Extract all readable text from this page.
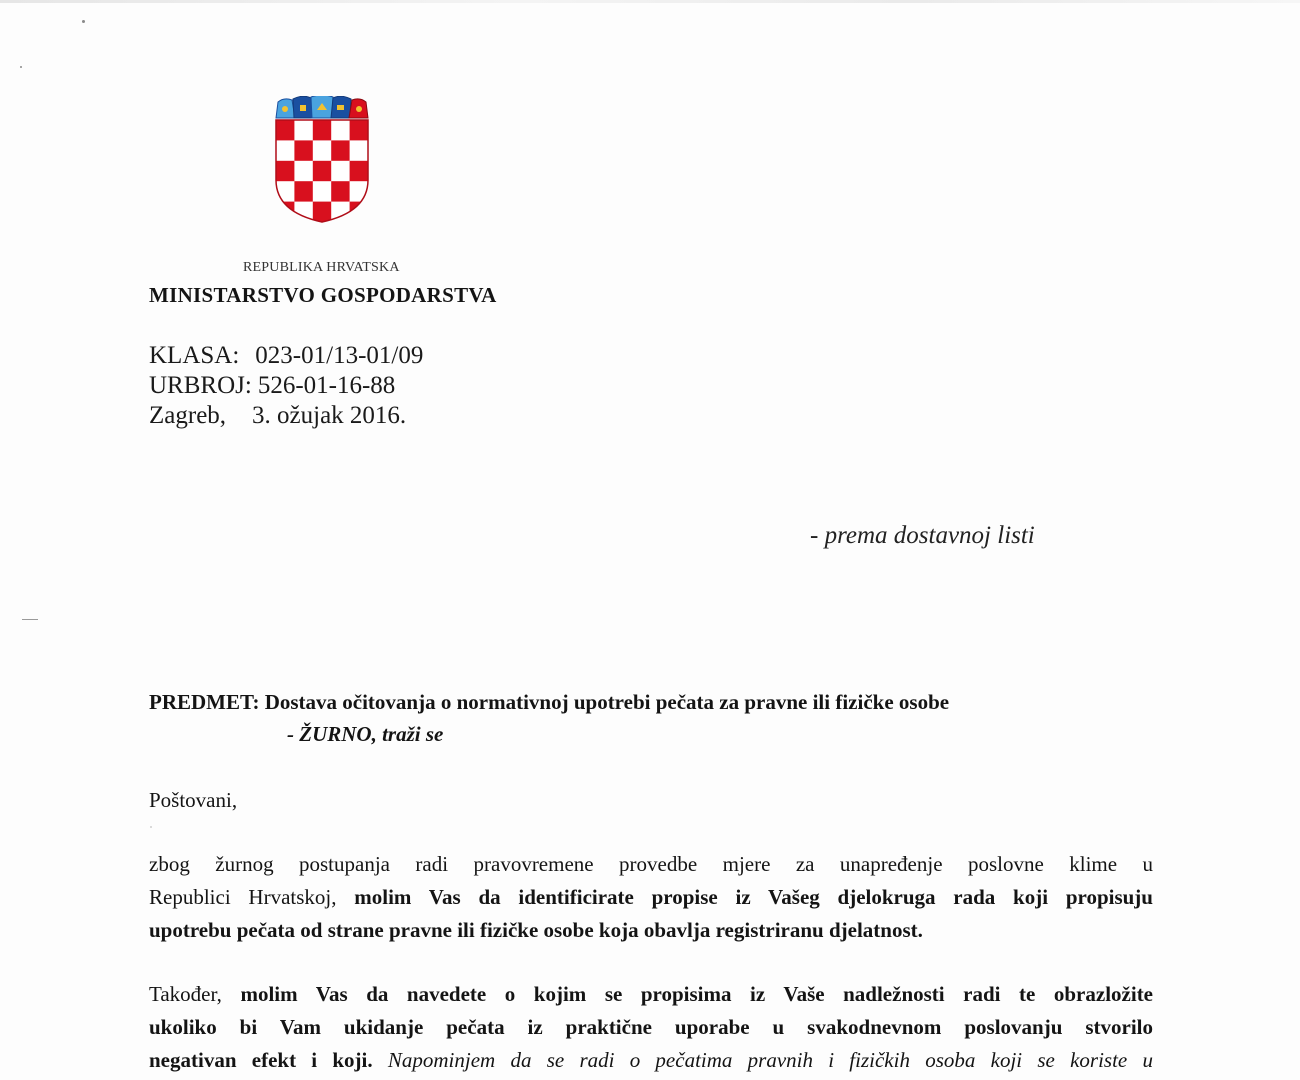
REPUBLIKA HRVATSKA
MINISTARSTVO GOSPODARSTVA
KLASA: 023-01/13-01/09
URBROJ: 526-01-16-88
Zagreb, 3. ožujak 2016.
- prema dostavnoj listi
PREDMET: Dostava očitovanja o normativnoj upotrebi pečata za pravne ili fizičke osobe
- ŽURNO, traži se
Poštovani,
zbog žurnog postupanja radi pravovremene provedbe mjere za unapređenje poslovne klime u
Republici Hrvatskoj, molim Vas da identificirate propise iz Vašeg djelokruga rada koji propisuju
upotrebu pečata od strane pravne ili fizičke osobe koja obavlja registriranu djelatnost.
Također, molim Vas da navedete o kojim se propisima iz Vaše nadležnosti radi te obrazložite
ukoliko bi Vam ukidanje pečata iz praktične uporabe u svakodnevnom poslovanju stvorilo
negativan efekt i koji. Napominjem da se radi o pečatima pravnih i fizičkih osoba koji se koriste u
